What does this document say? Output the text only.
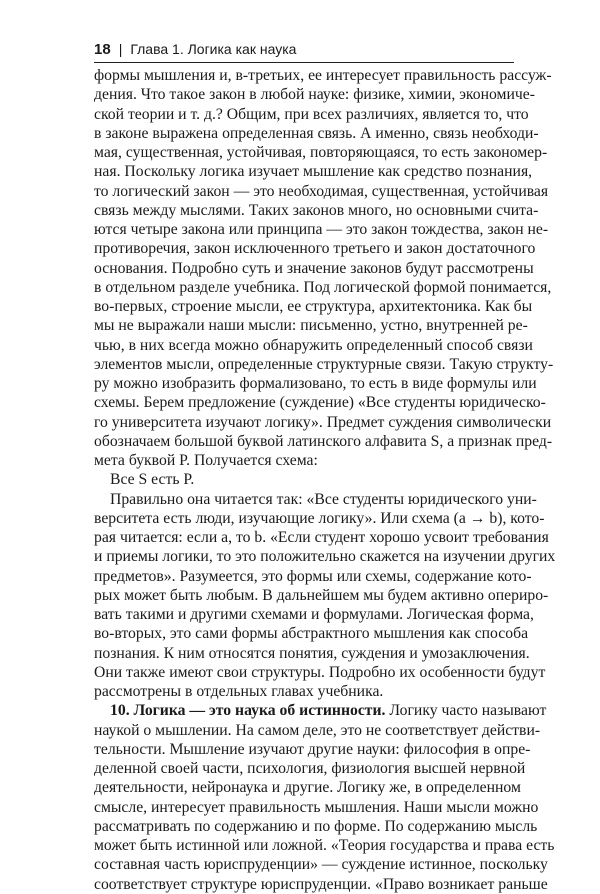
18 | Глава 1. Логика как наука
формы мышления и, в-третьих, ее интересует правильность рассуж-
дения. Что такое закон в любой науке: физике, химии, экономиче-
ской теории и т. д.? Общим, при всех различиях, является то, что
в законе выражена определенная связь. А именно, связь необходи-
мая, существенная, устойчивая, повторяющаяся, то есть закономер-
ная. Поскольку логика изучает мышление как средство познания,
то логический закон — это необходимая, существенная, устойчивая
связь между мыслями. Таких законов много, но основными счита-
ются четыре закона или принципа — это закон тождества, закон не-
противоречия, закон исключенного третьего и закон достаточного
основания. Подробно суть и значение законов будут рассмотрены
в отдельном разделе учебника. Под логической формой понимается,
во-первых, строение мысли, ее структура, архитектоника. Как бы
мы не выражали наши мысли: письменно, устно, внутренней ре-
чью, в них всегда можно обнаружить определенный способ связи
элементов мысли, определенные структурные связи. Такую структу-
ру можно изобразить формализовано, то есть в виде формулы или
схемы. Берем предложение (суждение) «Все студенты юридическо-
го университета изучают логику». Предмет суждения символически
обозначаем большой буквой латинского алфавита S, а признак пред-
мета буквой P. Получается схема:
Все S есть P.
Правильно она читается так: «Все студенты юридического уни-
верситета есть люди, изучающие логику». Или схема (a → b), кото-
рая читается: если a, то b. «Если студент хорошо усвоит требования
и приемы логики, то это положительно скажется на изучении других
предметов». Разумеется, это формы или схемы, содержание кото-
рых может быть любым. В дальнейшем мы будем активно опериро-
вать такими и другими схемами и формулами. Логическая форма,
во-вторых, это сами формы абстрактного мышления как способа
познания. К ним относятся понятия, суждения и умозаключения.
Они также имеют свои структуры. Подробно их особенности будут
рассмотрены в отдельных главах учебника.
10. Логика — это наука об истинности. Логику часто называют
наукой о мышлении. На самом деле, это не соответствует действи-
тельности. Мышление изучают другие науки: философия в опре-
деленной своей части, психология, физиология высшей нервной
деятельности, нейронаука и другие. Логику же, в определенном
смысле, интересует правильность мышления. Наши мысли можно
рассматривать по содержанию и по форме. По содержанию мысль
может быть истинной или ложной. «Теория государства и права есть
составная часть юриспруденции» — суждение истинное, поскольку
соответствует структуре юриспруденции. «Право возникает раньше
